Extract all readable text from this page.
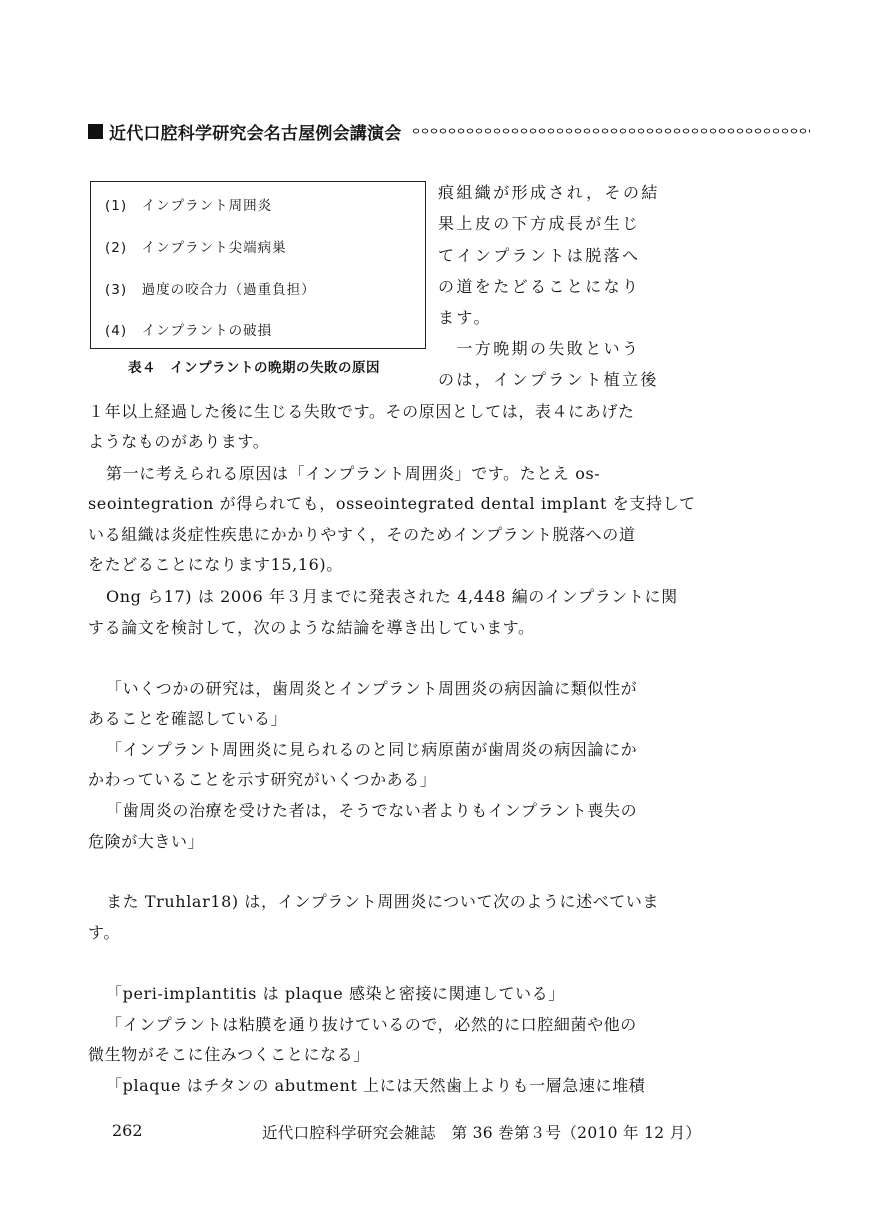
近代口腔科学研究会名古屋例会講演会
(1)　インプラント周囲炎
(2)　インプラント尖端病巣
(3)　過度の咬合力（過重負担）
(4)　インプラントの破損
表４　インプラントの晩期の失敗の原因
痕組織が形成され，その結
果上皮の下方成長が生じ
てインプラントは脱落へ
の道をたどることになり
ます。
　一方晩期の失敗という
のは，インプラント植立後
１年以上経過した後に生じる失敗です。その原因としては，表４にあげた
ようなものがあります。
第一に考えられる原因は「インプラント周囲炎」です。たとえ os-
seointegration が得られても，osseointegrated dental implant を支持して
いる組織は炎症性疾患にかかりやすく，そのためインプラント脱落への道
をたどることになります15,16)。
Ong ら17) は 2006 年３月までに発表された 4,448 編のインプラントに関
する論文を検討して，次のような結論を導き出しています。
「いくつかの研究は，歯周炎とインプラント周囲炎の病因論に類似性が
あることを確認している」
「インプラント周囲炎に見られるのと同じ病原菌が歯周炎の病因論にか
かわっていることを示す研究がいくつかある」
「歯周炎の治療を受けた者は，そうでない者よりもインプラント喪失の
危険が大きい」
また Truhlar18) は，インプラント周囲炎について次のように述べていま
す。
「peri-implantitis は plaque 感染と密接に関連している」
「インプラントは粘膜を通り抜けているので，必然的に口腔細菌や他の
微生物がそこに住みつくことになる」
「plaque はチタンの abutment 上には天然歯上よりも一層急速に堆積
262	近代口腔科学研究会雑誌　第 36 巻第３号（2010 年 12 月）
